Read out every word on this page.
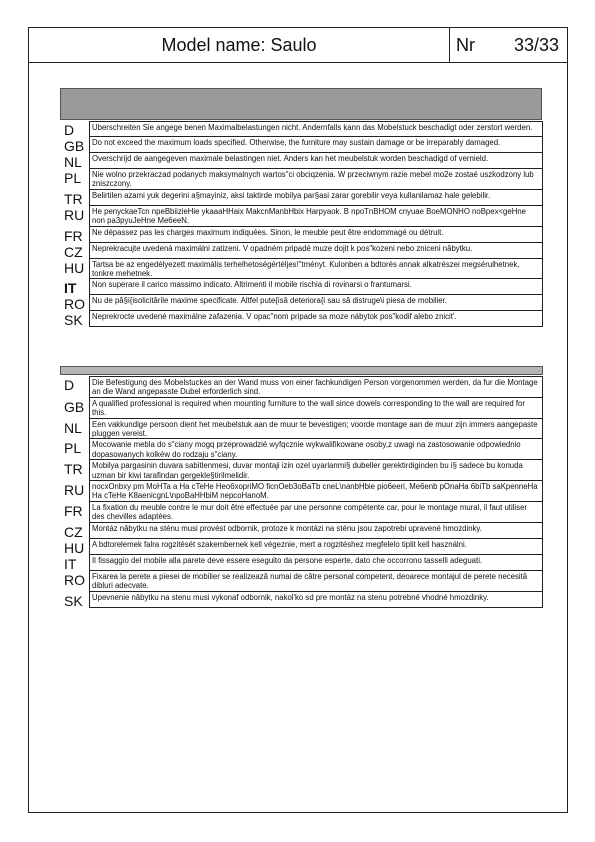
Model name: Saulo	Nr 33/33
D	Uberschreiten Sie angege benen Maximalbelastungen nicht. Andernfalls kann das Mobelstuck beschadigt oder zerstort werden.
GB Do not exceed the maximum loads specified. Otherwise, the furniture may sustain damage or be irreparably damaged.
NL	Overschrijd de aangegeven maximale belastingen niet. Anders kan het meubelstuk worden beschadigd of vernield.
PL	Nie wolno przekraczad podanych maksymalnych wartos"ci obciqzenia. W przeciwnym razie mebel mo2e zostaé uszkodzony lub zniszczony.
TR	Belirtilen azami yuk degerini a§mayiniz, aksi taktirde mobilya par§asi zarar gorebilir veya kullanilamaz hale gelebilir.
RU He penyckaeTcn npeBbiizieHie ykaaaHHaix MakcnManbHbix Harpyaok. B npoTnBHOM cnyuae BoeMONHO noBpex<geHne non pa3pyuJeHne Me6eeN.
FR	Ne dépassez pas les charges maximum indiquées. Sinon, le meuble peut être endommagé ou détruit.
CZ	Neprekracujte uvedená maximálni zatizeni. V opadném pripadé muze dojit k pos"kozeni nebo zniceni nâbytku.
HU Tartsa be az engedélyezett maximális terhelhetoségértéljes!"tményt. Kulonben a bdtorés annak alkatrészei megsérulhetnek, tonkre mehetnek.
IT	Non superare il carico massimo indicato. Altrimenti il mobile rischia di rovinarsi o frantumarsi.
RO Nu de pâ§i{isolicitârile maxime specificate. Altfel pute{isâ deteriora{i sau sâ distruge\i piesa de mobilier.
SK	Neprekrocte uvedené maximálne zafazenia. V opac"nom pripade sa moze nábytok pos"kodif alebo znicit'.
D	Die Befestigung des Mobelstuckes an der Wand muss von einer fachkundigen Person vorgenommen werden, da fur die Montage an die Wand angepasste Dubel erforderlich sind.
GB A qualified professional is required when mounting furniture to the wall since dowels corresponding to the wall are required for this.
NL	Een vakkundige persoon dient het meubelstuk aan de muur te bevestigen; voorde montage aan de muur zijn immers aangepaste pluggen vereist.
PL	Mocowanie mebla do s"ciany mogq przeprowadzié wyfqcznie wykwalifikowane osoby,z uwagi na zastosowanie odpowiednio dopasowanych kolkéw do rodzaju s"ciany.
TR	Mobilya pargasinin duvara sabitlenmesi, duvar montaji izin ozel uyarlanmi§ dubeller gerektirdiginden bu i§ sadece bu konuda uzman bir kiwi tarafindan gergekle§tirilmelidir.
RU nocxOnbxy pm MoHTa a Ha cTeHe Heo6xopriMO ficnOeb3oBaTb cneL\nanbHbie pio6eeri, Me6enb pOnaHa 6biTb saKpenneHa Ha cTeHe K8aenicgnL\npoBaHHbiM nepcoHanoM.
FR	La fixation du meuble contre le mur doit être effectuée par une personne compétente car, pour le montage mural, il faut utiliser des chevilles adaptées.
CZ	Montáz nâbytku na sténu musi provést odbornik, protoze k montázi na sténu jsou zapotrebi upravené hmozdinky.
HU A bdtorelemek falra rogzitését szakembernek kell végeznie, mert a rogzitéshez megfelelo tiplit kell használni.
IT	Il fissaggio del mobile alla parete deve essere eseguito da persone esperte, dato che occorrono tasselli adeguati.
RO Fixarea la perete a piesei de mobilier se realizeazâ numai de câtre personal competent, deoarece montajul de perete necesitâ dibluri adecvate.
SK	Upevnenie nâbytku na stenu musi vykonaf odbornik, nakol'ko sd pre montáz na stenu potrebné vhodné hmozdinky.
